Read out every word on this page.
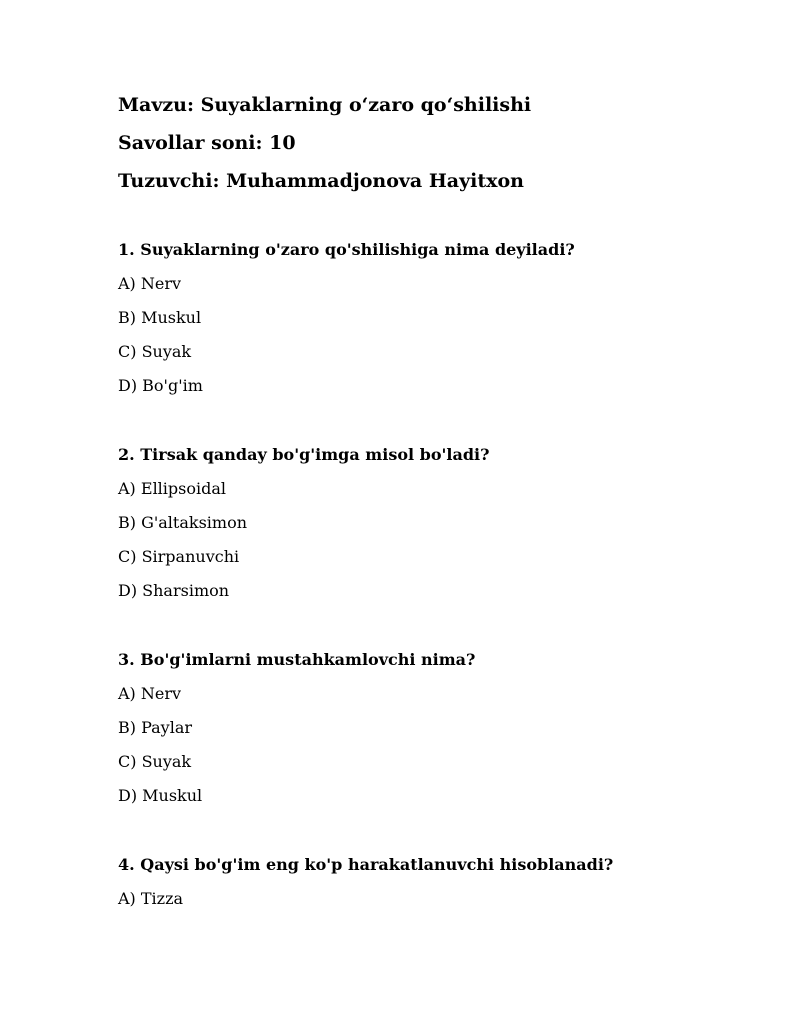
Mavzu: Suyaklarning o‘zaro qo‘shilishi
Savollar soni: 10
Tuzuvchi: Muhammadjonova Hayitxon
1. Suyaklarning o'zaro qo'shilishiga nima deyiladi?
A) Nerv
B) Muskul
C) Suyak
D) Bo'g'im
2. Tirsak qanday bo'g'imga misol bo'ladi?
A) Ellipsoidal
B) G'altaksimon
C) Sirpanuvchi
D) Sharsimon
3. Bo'g'imlarni mustahkamlovchi nima?
A) Nerv
B) Paylar
C) Suyak
D) Muskul
4. Qaysi bo'g'im eng ko'p harakatlanuvchi hisoblanadi?
A) Tizza
